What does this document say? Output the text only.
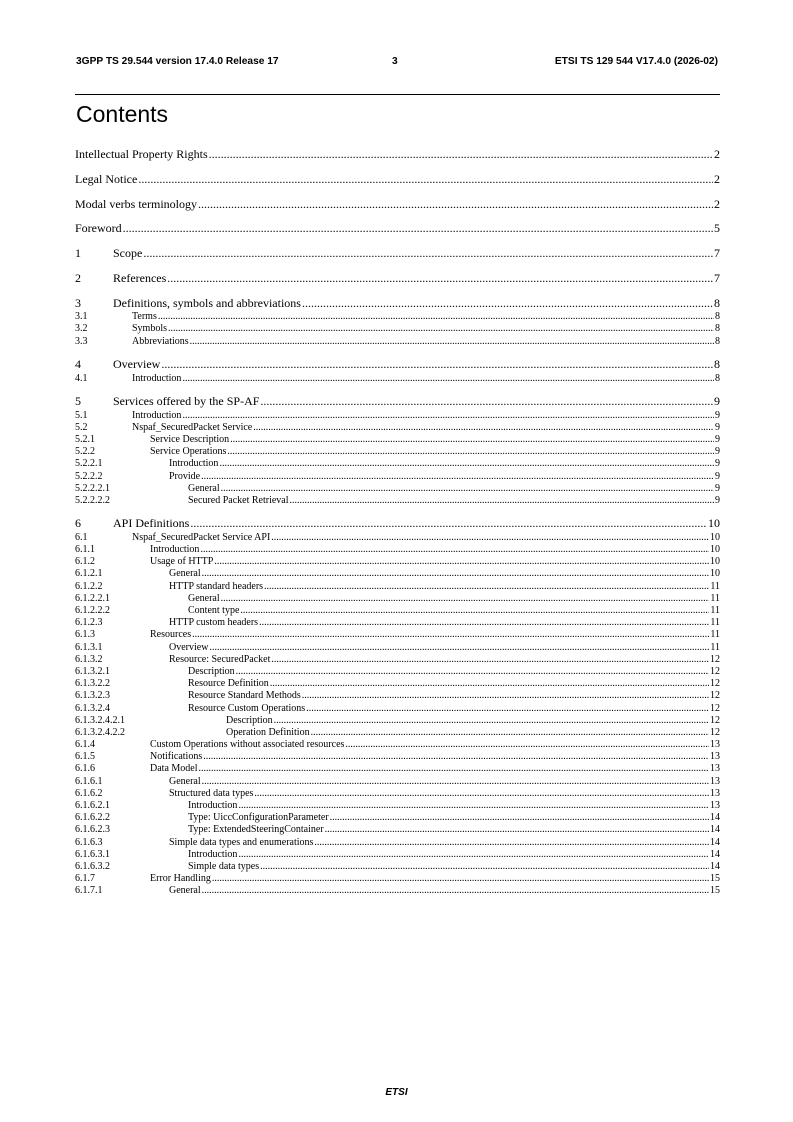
3GPP TS 29.544 version 17.4.0 Release 17	3	ETSI TS 129 544 V17.4.0 (2026-02)
Contents
Intellectual Property Rights .....	2
Legal Notice .....	2
Modal verbs terminology .....	2
Foreword .....	5
1	Scope .....	7
2	References .....	7
3	Definitions, symbols and abbreviations .....	8
3.1	Terms .....	8
3.2	Symbols .....	8
3.3	Abbreviations .....	8
4	Overview .....	8
4.1	Introduction .....	8
5	Services offered by the SP-AF .....	9
5.1	Introduction .....	9
5.2	Nspaf_SecuredPacket Service .....	9
5.2.1	Service Description .....	9
5.2.2	Service Operations .....	9
5.2.2.1	Introduction .....	9
5.2.2.2	Provide .....	9
5.2.2.2.1	General .....	9
5.2.2.2.2	Secured Packet Retrieval .....	9
6	API Definitions .....	10
6.1	Nspaf_SecuredPacket Service API .....	10
6.1.1	Introduction .....	10
6.1.2	Usage of HTTP .....	10
6.1.2.1	General .....	10
6.1.2.2	HTTP standard headers .....	11
6.1.2.2.1	General .....	11
6.1.2.2.2	Content type .....	11
6.1.2.3	HTTP custom headers .....	11
6.1.3	Resources .....	11
6.1.3.1	Overview .....	11
6.1.3.2	Resource: SecuredPacket .....	12
6.1.3.2.1	Description .....	12
6.1.3.2.2	Resource Definition .....	12
6.1.3.2.3	Resource Standard Methods .....	12
6.1.3.2.4	Resource Custom Operations .....	12
6.1.3.2.4.2.1	Description .....	12
6.1.3.2.4.2.2	Operation Definition .....	12
6.1.4	Custom Operations without associated resources .....	13
6.1.5	Notifications .....	13
6.1.6	Data Model .....	13
6.1.6.1	General .....	13
6.1.6.2	Structured data types .....	13
6.1.6.2.1	Introduction .....	13
6.1.6.2.2	Type: UiccConfigurationParameter .....	14
6.1.6.2.3	Type: ExtendedSteeringContainer .....	14
6.1.6.3	Simple data types and enumerations .....	14
6.1.6.3.1	Introduction .....	14
6.1.6.3.2	Simple data types .....	14
6.1.7	Error Handling .....	15
6.1.7.1	General .....	15
ETSI
